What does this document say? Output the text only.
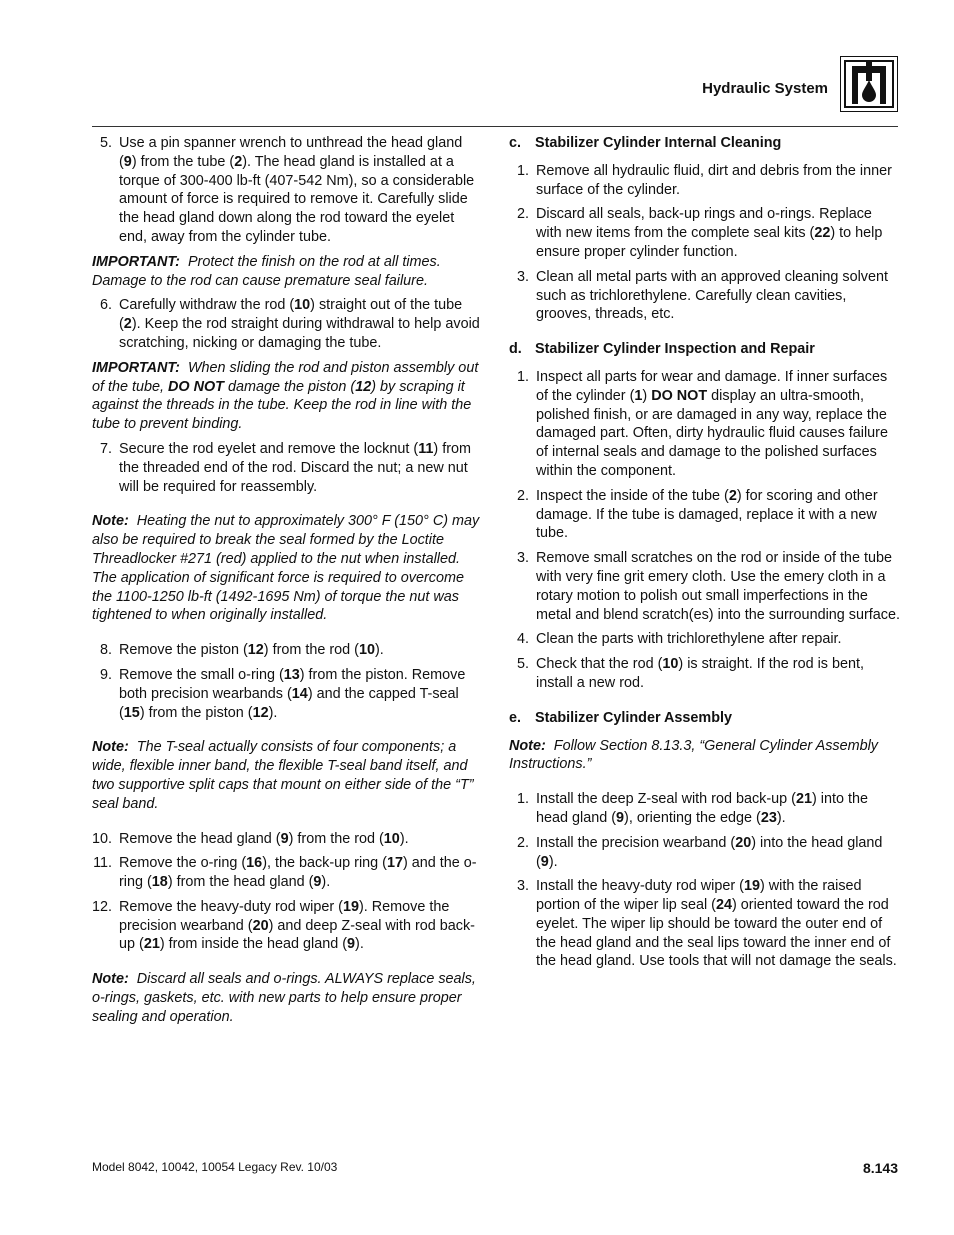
Hydraulic System
5. Use a pin spanner wrench to unthread the head gland (9) from the tube (2). The head gland is installed at a torque of 300-400 lb-ft (407-542 Nm), so a considerable amount of force is required to remove it. Carefully slide the head gland down along the rod toward the eyelet end, away from the cylinder tube.
IMPORTANT: Protect the finish on the rod at all times. Damage to the rod can cause premature seal failure.
6. Carefully withdraw the rod (10) straight out of the tube (2). Keep the rod straight during withdrawal to help avoid scratching, nicking or damaging the tube.
IMPORTANT: When sliding the rod and piston assembly out of the tube, DO NOT damage the piston (12) by scraping it against the threads in the tube. Keep the rod in line with the tube to prevent binding.
7. Secure the rod eyelet and remove the locknut (11) from the threaded end of the rod. Discard the nut; a new nut will be required for reassembly.
Note: Heating the nut to approximately 300° F (150° C) may also be required to break the seal formed by the Loctite Threadlocker #271 (red) applied to the nut when installed. The application of significant force is required to overcome the 1100-1250 lb-ft (1492-1695 Nm) of torque the nut was tightened to when originally installed.
8. Remove the piston (12) from the rod (10).
9. Remove the small o-ring (13) from the piston. Remove both precision wearbands (14) and the capped T-seal (15) from the piston (12).
Note: The T-seal actually consists of four components; a wide, flexible inner band, the flexible T-seal band itself, and two supportive split caps that mount on either side of the “T” seal band.
10. Remove the head gland (9) from the rod (10).
11. Remove the o-ring (16), the back-up ring (17) and the o-ring (18) from the head gland (9).
12. Remove the heavy-duty rod wiper (19). Remove the precision wearband (20) and deep Z-seal with rod back-up (21) from inside the head gland (9).
Note: Discard all seals and o-rings. ALWAYS replace seals, o-rings, gaskets, etc. with new parts to help ensure proper sealing and operation.
c. Stabilizer Cylinder Internal Cleaning
1. Remove all hydraulic fluid, dirt and debris from the inner surface of the cylinder.
2. Discard all seals, back-up rings and o-rings. Replace with new items from the complete seal kits (22) to help ensure proper cylinder function.
3. Clean all metal parts with an approved cleaning solvent such as trichlorethylene. Carefully clean cavities, grooves, threads, etc.
d. Stabilizer Cylinder Inspection and Repair
1. Inspect all parts for wear and damage. If inner surfaces of the cylinder (1) DO NOT display an ultra-smooth, polished finish, or are damaged in any way, replace the damaged part. Often, dirty hydraulic fluid causes failure of internal seals and damage to the polished surfaces within the component.
2. Inspect the inside of the tube (2) for scoring and other damage. If the tube is damaged, replace it with a new tube.
3. Remove small scratches on the rod or inside of the tube with very fine grit emery cloth. Use the emery cloth in a rotary motion to polish out small imperfections in the metal and blend scratch(es) into the surrounding surface.
4. Clean the parts with trichlorethylene after repair.
5. Check that the rod (10) is straight. If the rod is bent, install a new rod.
e. Stabilizer Cylinder Assembly
Note: Follow Section 8.13.3, “General Cylinder Assembly Instructions.”
1. Install the deep Z-seal with rod back-up (21) into the head gland (9), orienting the edge (23).
2. Install the precision wearband (20) into the head gland (9).
3. Install the heavy-duty rod wiper (19) with the raised portion of the wiper lip seal (24) oriented toward the rod eyelet. The wiper lip should be toward the outer end of the head gland and the seal lips toward the inner end of the head gland. Use tools that will not damage the seals.
Model 8042, 10042, 10054 Legacy Rev. 10/03	8.143
